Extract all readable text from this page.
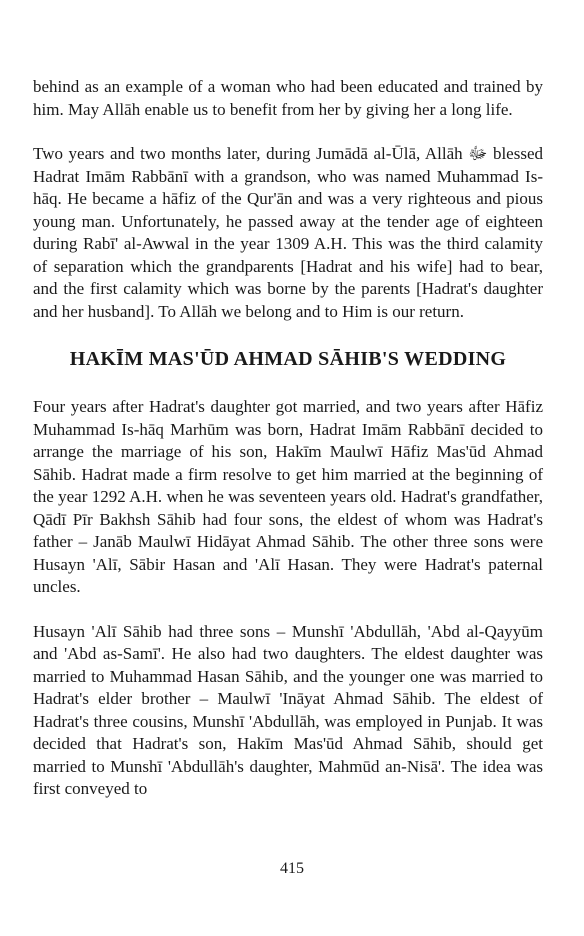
behind as an example of a woman who had been educated and trained by him. May Allāh enable us to benefit from her by giving her a long life.

Two years and two months later, during Jumādā al-Ūlā, Allāh ﷻ blessed Hadrat Imām Rabbānī with a grandson, who was named Muhammad Is-hāq. He became a hāfiz of the Qur'ān and was a very righteous and pious young man. Unfortunately, he passed away at the tender age of eighteen during Rabī' al-Awwal in the year 1309 A.H. This was the third calamity of separation which the grandparents [Hadrat and his wife] had to bear, and the first calamity which was borne by the parents [Hadrat's daughter and her husband]. To Allāh we belong and to Him is our return.

HAKĪM MAS'ŪD AHMAD SĀHIB'S WEDDING

Four years after Hadrat's daughter got married, and two years after Hāfiz Muhammad Is-hāq Marhūm was born, Hadrat Imām Rabbānī decided to arrange the marriage of his son, Hakīm Maulwī Hāfiz Mas'ūd Ahmad Sāhib. Hadrat made a firm resolve to get him married at the beginning of the year 1292 A.H. when he was seventeen years old. Hadrat's grandfather, Qādī Pīr Bakhsh Sāhib had four sons, the eldest of whom was Hadrat's father – Janāb Maulwī Hidāyat Ahmad Sāhib. The other three sons were Husayn 'Alī, Sābir Hasan and 'Alī Hasan. They were Hadrat's paternal uncles.

Husayn 'Alī Sāhib had three sons – Munshī 'Abdullāh, 'Abd al-Qayyūm and 'Abd as-Samī'. He also had two daughters. The eldest daughter was married to Muhammad Hasan Sāhib, and the younger one was married to Hadrat's elder brother – Maulwī 'Ināyat Ahmad Sāhib. The eldest of Hadrat's three cousins, Munshī 'Abdullāh, was employed in Punjab. It was decided that Hadrat's son, Hakīm Mas'ūd Ahmad Sāhib, should get married to Munshī 'Abdullāh's daughter, Mahmūd an-Nisā'. The idea was first conveyed to

415
